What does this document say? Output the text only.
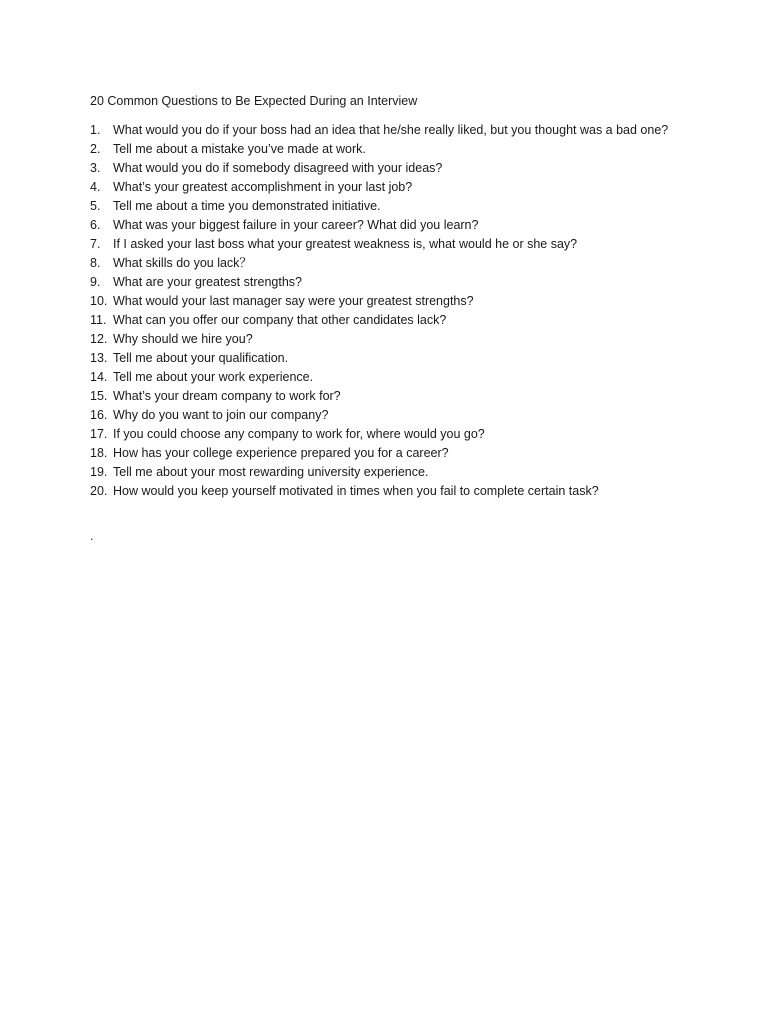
20 Common Questions to Be Expected During an Interview
1.	What would you do if your boss had an idea that he/she really liked, but you thought was a bad one?
2.	Tell me about a mistake you’ve made at work.
3.	What would you do if somebody disagreed with your ideas?
4.	What’s your greatest accomplishment in your last job?
5.	Tell me about a time you demonstrated initiative.
6.	What was your biggest failure in your career? What did you learn?
7.	If I asked your last boss what your greatest weakness is, what would he or she say?
8.	What skills do you lack？
9.	What are your greatest strengths?
10. What would your last manager say were your greatest strengths?
11. What can you offer our company that other candidates lack?
12. Why should we hire you?
13. Tell me about your qualification.
14. Tell me about your work experience.
15. What’s your dream company to work for?
16. Why do you want to join our company?
17. If you could choose any company to work for, where would you go?
18. How has your college experience prepared you for a career?
19. Tell me about your most rewarding university experience.
20. How would you keep yourself motivated in times when you fail to complete certain task?
.
